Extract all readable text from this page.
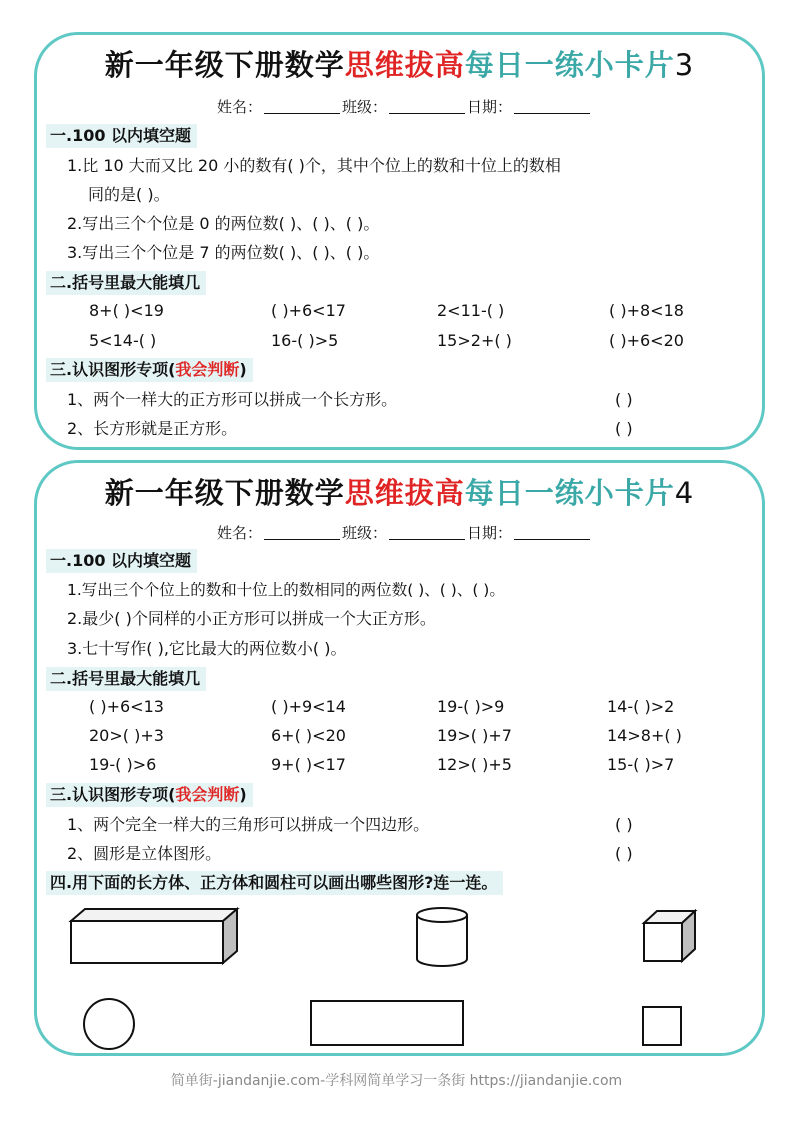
新一年级下册数学思维拔高每日一练小卡片3
姓名：	班级：	日期：
一.100 以内填空题
1.比 10 大而又比 20 小的数有( )个，其中个位上的数和十位上的数相
同的是( )。
2.写出三个个位是 0 的两位数( )、( )、( )。
3.写出三个个位是 7 的两位数( )、( )、( )。
二.括号里最大能填几
8+( )<19	( )+6<17	2<11-( )	( )+8<18
5<14-( )	16-( )>5	15>2+( )	( )+6<20
三.认识图形专项(我会判断)
1、两个一样大的正方形可以拼成一个长方形。	( )
2、长方形就是正方形。	( )
新一年级下册数学思维拔高每日一练小卡片4
姓名：	班级：	日期：
一.100 以内填空题
1.写出三个个位上的数和十位上的数相同的两位数( )、( )、( )。
2.最少( )个同样的小正方形可以拼成一个大正方形。
3.七十写作( ),它比最大的两位数小( )。
二.括号里最大能填几
( )+6<13	( )+9<14	19-( )>9	14-( )>2
20>( )+3	6+( )<20	19>( )+7	14>8+( )
19-( )>6	9+( )<17	12>( )+5	15-( )>7
三.认识图形专项(我会判断)
1、两个完全一样大的三角形可以拼成一个四边形。	( )
2、圆形是立体图形。	( )
四.用下面的长方体、正方体和圆柱可以画出哪些图形?连一连。
简单街-jiandanjie.com-学科网简单学习一条街 https://jiandanjie.com
